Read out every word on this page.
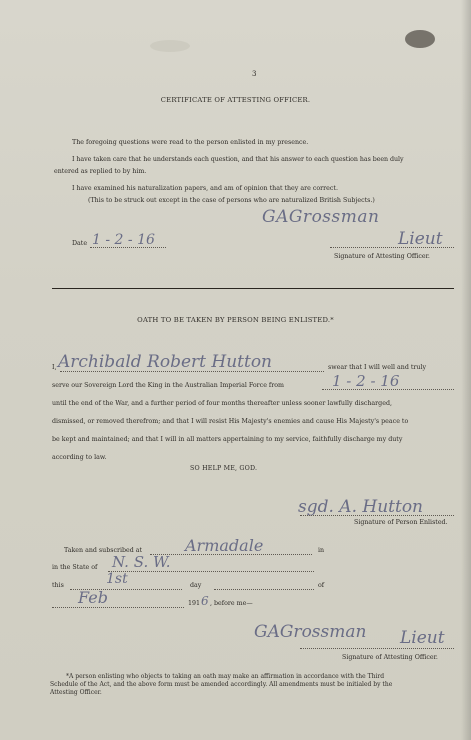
3
CERTIFICATE OF ATTESTING OFFICER.
The foregoing questions were read to the person enlisted in my presence.
I have taken care that he understands each question, and that his answer to each question has been duly
entered as replied to by him.
I have examined his naturalization papers, and am of opinion that they are correct.
(This to be struck out except in the case of persons who are naturalized British Subjects.)
GAGrossman
Date 1 - 2 - 16	Lieut
Signature of Attesting Officer.
OATH TO BE TAKEN BY PERSON BEING ENLISTED.*
I, Archibald Robert Hutton	swear that I will well and truly
serve our Sovereign Lord the King in the Australian Imperial Force from	1 - 2 - 16
until the end of the War, and a further period of four months thereafter unless sooner lawfully discharged,
dismissed, or removed therefrom; and that I will resist His Majesty's enemies and cause His Majesty's peace to
be kept and maintained; and that I will in all matters appertaining to my service, faithfully discharge my duty
according to law.
SO HELP ME, GOD.
sgd. A. Hutton
Signature of Person Enlisted.
Taken and subscribed at	Armadale	in
in the State of N. S. W.
this	1st	day	of
Feb	191 6 , before me—
GAGrossman Lieut
Signature of Attesting Officer.
*A person enlisting who objects to taking an oath may make an affirmation in accordance with the Third
Schedule of the Act, and the above form must be amended accordingly. All amendments must be initialed by the
Attesting Officer.
